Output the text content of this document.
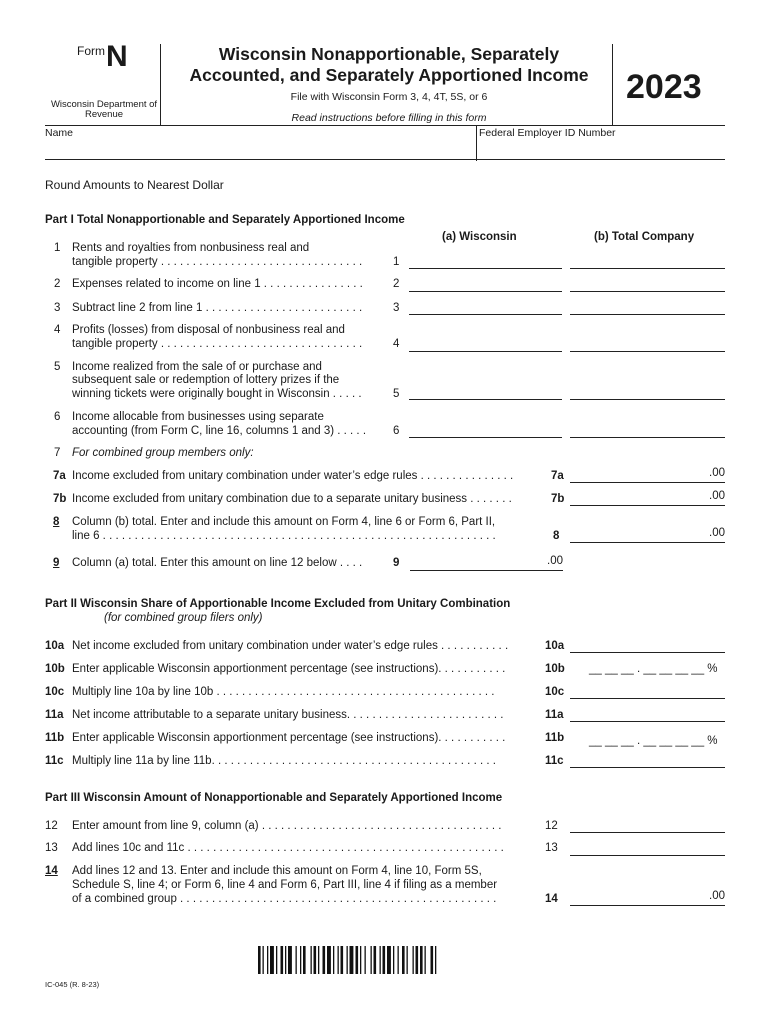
Form N
Wisconsin Department of Revenue
Wisconsin Nonapportionable, Separately
Accounted, and Separately Apportioned Income
File with Wisconsin Form 3, 4, 4T, 5S, or 6
Read instructions before filling in this form
2023
Name	Federal Employer ID Number
Round Amounts to Nearest Dollar
Part I Total Nonapportionable and Separately Apportioned Income
(a) Wisconsin	(b) Total Company
1 Rents and royalties from nonbusiness real and
tangible property . . . . . . . . . . . . . . . . . . . . . . . . . . . . . . . .	1
2 Expenses related to income on line 1 . . . . . . . . . . . . . . . .	2
3 Subtract line 2 from line 1 . . . . . . . . . . . . . . . . . . . . . . . . .	3
4 Profits (losses) from disposal of nonbusiness real and
tangible property . . . . . . . . . . . . . . . . . . . . . . . . . . . . . . . .	4
5 Income realized from the sale of or purchase and
subsequent sale or redemption of lottery prizes if the
winning tickets were originally bought in Wisconsin . . . . .	5
6 Income allocable from businesses using separate
accounting (from Form C, line 16, columns 1 and 3) . . . . . 6
7 For combined group members only:
7a Income excluded from unitary combination under water’s edge rules . . . . . . . . . . . . . . .	7a	.00
7b Income excluded from unitary combination due to a separate unitary business . . . . . . .	7b	.00
8 Column (b) total. Enter and include this amount on Form 4, line 6 or Form 6, Part II,
line 6 . . . . . . . . . . . . . . . . . . . . . . . . . . . . . . . . . . . . . . . . . . . . . . . . . . . . . . . . . . . . . .	8	.00
9 Column (a) total. Enter this amount on line 12 below . . . .	9	.00
Part II Wisconsin Share of Apportionable Income Excluded from Unitary Combination
(for combined group filers only)
10a Net income excluded from unitary combination under water’s edge rules . . . . . . . . . . .	10a
10b Enter applicable Wisconsin apportionment percentage (see instructions). . . . . . . . . . .	10b __ __ __ . __ __ __ __ %
10c Multiply line 10a by line 10b . . . . . . . . . . . . . . . . . . . . . . . . . . . . . . . . . . . . . . . . . . . .	10c
11a Net income attributable to a separate unitary business. . . . . . . . . . . . . . . . . . . . . . . . .	11a
11b Enter applicable Wisconsin apportionment percentage (see instructions). . . . . . . . . . .	11b __ __ __ . __ __ __ __ %
11c Multiply line 11a by line 11b. . . . . . . . . . . . . . . . . . . . . . . . . . . . . . . . . . . . . . . . . . . . .	11c
Part III Wisconsin Amount of Nonapportionable and Separately Apportioned Income
12 Enter amount from line 9, column (a) . . . . . . . . . . . . . . . . . . . . . . . . . . . . . . . . . . . . . .	12
13 Add lines 10c and 11c . . . . . . . . . . . . . . . . . . . . . . . . . . . . . . . . . . . . . . . . . . . . . . . . . .	13
14 Add lines 12 and 13. Enter and include this amount on Form 4, line 10, Form 5S,
Schedule S, line 4; or Form 6, line 4 and Form 6, Part III, line 4 if filing as a member
of a combined group . . . . . . . . . . . . . . . . . . . . . . . . . . . . . . . . . . . . . . . . . . . . . . . . . .	14	.00
IC-045 (R. 8-23)
